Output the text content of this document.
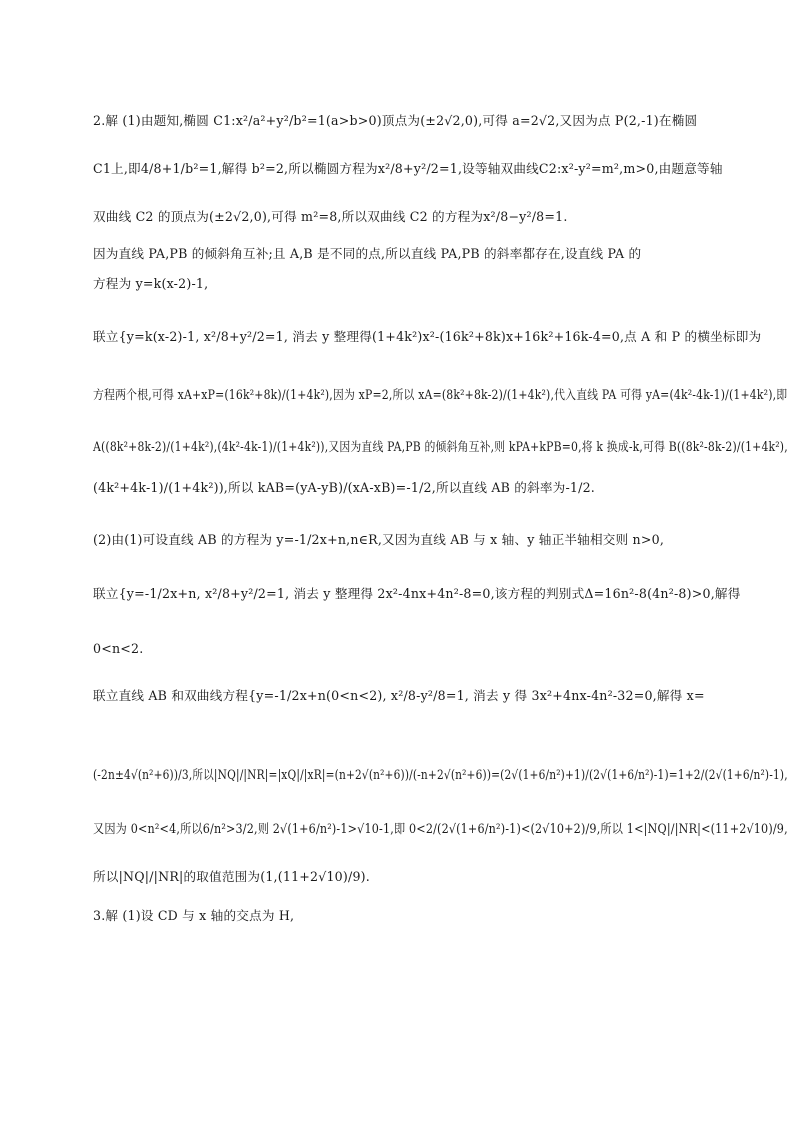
2.解 (1)由题知,椭圆 C1:x²/a²+y²/b²=1(a>b>0)顶点为(±2√2,0),可得 a=2√2,又因为点 P(2,-1)在椭圆
C1上,即4/8+1/b²=1,解得 b²=2,所以椭圆方程为x²/8+y²/2=1,设等轴双曲线C2:x²-y²=m²,m>0,由题意等轴
双曲线 C2 的顶点为(±2√2,0),可得 m²=8,所以双曲线 C2 的方程为x²/8−y²/8=1.
因为直线 PA,PB 的倾斜角互补;且 A,B 是不同的点,所以直线 PA,PB 的斜率都存在,设直线 PA 的
方程为 y=k(x-2)-1,
联立{y=k(x-2)-1, x²/8+y²/2=1, 消去 y 整理得(1+4k²)x²-(16k²+8k)x+16k²+16k-4=0,点 A 和 P 的横坐标即为
方程两个根,可得 xA+xP=(16k²+8k)/(1+4k²),因为 xP=2,所以 xA=(8k²+8k-2)/(1+4k²),代入直线 PA 可得 yA=(4k²-4k-1)/(1+4k²),即
A((8k²+8k-2)/(1+4k²),(4k²-4k-1)/(1+4k²)),又因为直线 PA,PB 的倾斜角互补,则 kPA+kPB=0,将 k 换成-k,可得 B((8k²-8k-2)/(1+4k²),
(4k²+4k-1)/(1+4k²)),所以 kAB=(yA-yB)/(xA-xB)=-1/2,所以直线 AB 的斜率为-1/2.
(2)由(1)可设直线 AB 的方程为 y=-1/2x+n,n∈R,又因为直线 AB 与 x 轴、y 轴正半轴相交则 n>0,
联立{y=-1/2x+n, x²/8+y²/2=1, 消去 y 整理得 2x²-4nx+4n²-8=0,该方程的判别式Δ=16n²-8(4n²-8)>0,解得
0<n<2.
联立直线 AB 和双曲线方程{y=-1/2x+n(0<n<2), x²/8-y²/8=1, 消去 y 得 3x²+4nx-4n²-32=0,解得 x=
(-2n±4√(n²+6))/3,所以|NQ|/|NR|=|xQ|/|xR|=(n+2√(n²+6))/(-n+2√(n²+6))=(2√(1+6/n²)+1)/(2√(1+6/n²)-1)=1+2/(2√(1+6/n²)-1),
又因为 0<n²<4,所以6/n²>3/2,则 2√(1+6/n²)-1>√10-1,即 0<2/(2√(1+6/n²)-1)<(2√10+2)/9,所以 1<|NQ|/|NR|<(11+2√10)/9,
所以|NQ|/|NR|的取值范围为(1,(11+2√10)/9).
3.解 (1)设 CD 与 x 轴的交点为 H,
